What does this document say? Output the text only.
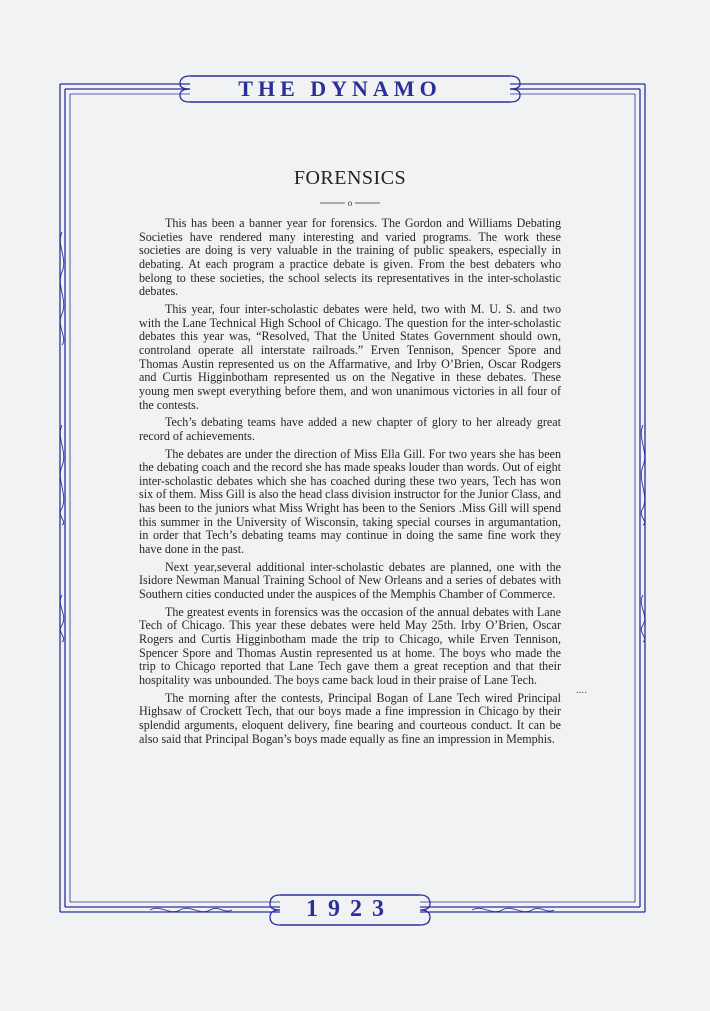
THE DYNAMO
FORENSICS
o

This has been a banner year for forensics. The Gordon and Williams Debating Societies have rendered many interesting and varied programs. The work these societies are doing is very valuable in the training of public speakers, especially in debating. At each program a practice debate is given. From the best debaters who belong to these societies, the school selects its representatives in the inter-scholastic debates.

This year, four inter-scholastic debates were held, two with M. U. S. and two with the Lane Technical High School of Chicago. The question for the inter-scholastic debates this year was, “Resolved, That the United States Government should own, controland operate all interstate railroads.” Erven Tennison, Spencer Spore and Thomas Austin represented us on the Affarmative, and Irby O’Brien, Oscar Rodgers and Curtis Higginbotham represented us on the Negative in these debates. These young men swept everything before them, and won unanimous victories in all four of the contests.

Tech’s debating teams have added a new chapter of glory to her already great record of achievements.

The debates are under the direction of Miss Ella Gill. For two years she has been the debating coach and the record she has made speaks louder than words. Out of eight inter-scholastic debates which she has coached during these two years, Tech has won six of them. Miss Gill is also the head class division instructor for the Junior Class, and has been to the juniors what Miss Wright has been to the Seniors .Miss Gill will spend this summer in the University of Wisconsin, taking special courses in argumantation, in order that Tech’s debating teams may continue in doing the same fine work they have done in the past.

Next year,several additional inter-scholastic debates are planned, one with the Isidore Newman Manual Training School of New Orleans and a series of debates with Southern cities conducted under the auspices of the Memphis Chamber of Commerce.

The greatest events in forensics was the occasion of the annual debates with Lane Tech of Chicago. This year these debates were held May 25th. Irby O’Brien, Oscar Rogers and Curtis Higginbotham made the trip to Chicago, while Erven Tennison, Spencer Spore and Thomas Austin represented us at home. The boys who made the trip to Chicago reported that Lane Tech gave them a great reception and that their hospitality was unbounded. The boys came back loud in their praise of Lane Tech.

The morning after the contests, Principal Bogan of Lane Tech wired Principal Highsaw of Crockett Tech, that our boys made a fine impression in Chicago by their splendid arguments, eloquent delivery, fine bearing and courteous conduct. It can be also said that Principal Bogan’s boys made equally as fine an impression in Memphis.

....
1923
